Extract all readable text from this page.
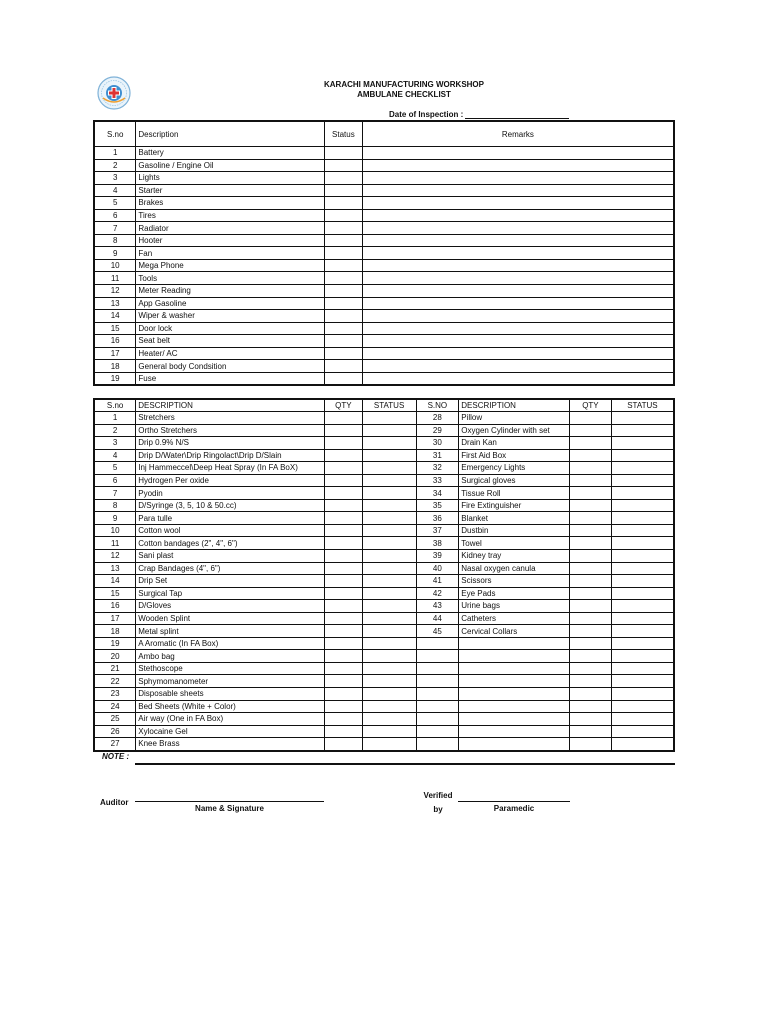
KARACHI MANUFACTURING WORKSHOP
AMBULANE CHECKLIST
Date of Inspection :
S.no	Description	Status	Remarks
1	Battery		
2	Gasoline / Engine Oil		
3	Lights		
4	Starter		
5	Brakes		
6	Tires		
7	Radiator		
8	Hooter		
9	Fan		
10	Mega Phone		
11	Tools		
12	Meter Reading		
13	App Gasoline		
14	Wiper & washer		
15	Door lock		
16	Seat belt		
17	Heater/ AC		
18	General body Condsition		
19	Fuse		
S.no	DESCRIPTION	QTY	STATUS	S.NO	DESCRIPTION	QTY	STATUS
1	Stretchers			28	Pillow		
2	Ortho Stretchers			29	Oxygen Cylinder with set		
3	Drip 0.9% N/S			30	Drain Kan		
4	Drip D/Water\Drip Ringolact\Drip D/Slain			31	First Aid Box		
5	Inj Hammeccel\Deep Heat Spray (In FA BoX)			32	Emergency Lights		
6	Hydrogen Per oxide			33	Surgical gloves		
7	Pyodin			34	Tissue Roll		
8	D/Syringe (3, 5, 10 & 50.cc)			35	Fire Extinguisher		
9	Para tulle			36	Blanket		
10	Cotton wool			37	Dustbin		
11	Cotton bandages (2", 4", 6")			38	Towel		
12	Sani plast			39	Kidney tray		
13	Crap Bandages (4", 6")			40	Nasal oxygen canula		
14	Drip Set			41	Scissors		
15	Surgical Tap			42	Eye Pads		
16	D/Gloves			43	Urine bags		
17	Wooden Splint			44	Catheters		
18	Metal splint			45	Cervical Collars		
19	A Aromatic (In FA Box)						
20	Ambo bag						
21	Stethoscope						
22	Sphymomanometer						
23	Disposable sheets						
24	Bed Sheets (White + Color)						
25	Air way (One in FA Box)						
26	Xylocaine Gel						
27	Knee Brass						
NOTE :
Auditor
Name & Signature
Verified
by	Paramedic
